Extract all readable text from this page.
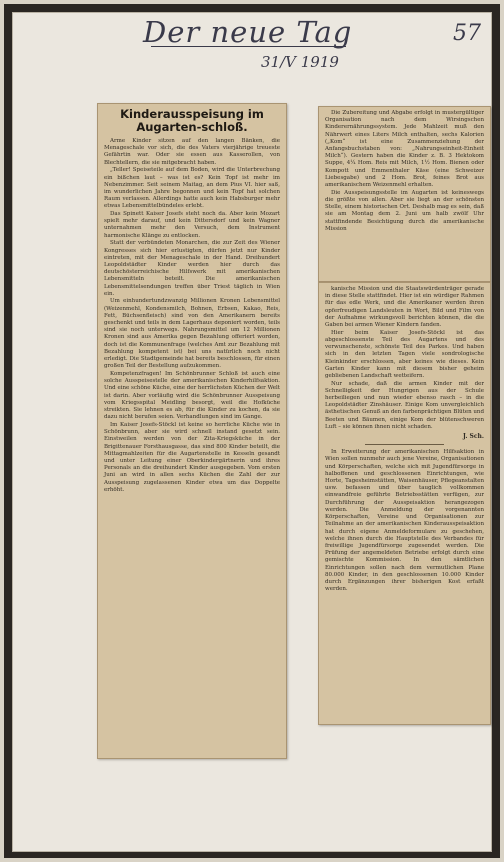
Der neue Tag
31/V 1919
57
Kinderausspeisung im Augarten-schloß.

Arme Kinder sitzen auf den langen Bänken, die Menageschale vor sich, die des Vaters vierjährige treueste Gefährtin war. Oder sie essen aus Kasserollen, von Blechtellern, die sie mitgebracht haben.

„Teller! Speiseteile auf dem Boden, wird die Unterbrechung ein bißchen laut – was ist es? Kein Topf ist mehr im Nebenzimmer. Seit seinem Maitag, an dem Pius VI. hier saß, im wunderlichen Jahre begonnen und kein Topf hat solchen Raum verlassen. Allerdings hatte auch kein Habsburger mehr etwas Lebensmittelbündeles erlebt.

Das Spinett Kaiser Josefs steht noch da. Aber kein Mozart spielt mehr darauf, und kein Dittersdorf und kein Wagner unternahmen mehr den Versuch, dem Instrument harmonische Klänge zu entlocken.

Statt der verbündeten Monarchen, die zur Zeit des Wiener Kongresses sich hier erlustigten, dürfen jetzt nur Kinder eintreten, mit der Menageschale in der Hand. Dreihundert Leopoldstädter Kinder werden hier durch das deutschösterreichische Hilfswerk mit amerikanischen Lebensmitteln beteilt. Die amerikanischen Lebensmittelsendungen treffen über Triest täglich in Wien ein.

Um einhundertundzwanzig Millionen Kronen Lebensmittel (Weizenmehl, Kondensmilch, Bohnen, Erbsen, Kakao, Reis, Fett, Büchsenfleisch) sind von den Amerikanern bereits geschenkt und teils in dem Lagerhaus deponiert worden, teils sind sie noch unterwegs. Nahrungsmittel um 12 Millionen Kronen sind aus Amerika gegen Bezahlung offeriert worden, doch ist die Kommunenfrage (welches Amt zur Bezahlung mit Bezahlung kompetent ist) bei uns natürlich noch nicht erledigt. Die Stadtgemeinde hat bereits beschlossen, für einen großen Teil der Bestellung aufzukommen.

Kompetenzfragen! Im Schönbrunner Schloß ist auch eine solche Ausspeisestelle der amerikanischen Kinderhilfsaktion. Und eine schöne Küche, eine der herrlichsten Küchen der Welt ist darin. Aber vorläufig wird die Schönbrunner Ausspeisung vom Kriegsspital Meidling besorgt, weil die Hofküche streikten. Sie lehnen es ab, für die Kinder zu kochen, da sie dazu nicht berufen seien. Verhandlungen sind im Gange.

Im Kaiser Josefs-Stöckl ist keine so herrliche Küche wie in Schönbrunn, aber sie wird schnell instand gesetzt sein. Einstweilen werden von der Zita-Kriegsküche in der Brigittenauer Forsthausgasse, das sind 800 Kinder beteilt, die Mittagmahlzeiten für die Augartenstelle in Kesseln gesandt und unter Leitung einer Oberkindergärtnerin und ihres Personals an die dreihundert Kinder ausgegeben. Vom ersten Juni an wird in allen sechs Küchen die Zahl der zur Ausspeisung zugelassenen Kinder etwa um das Doppelte erhöht.

Die Zubereitung und Abgabe erfolgt in mustergültiger Organisation nach dem Wirsingschen Kinderernährungssystem. Jede Mahlzeit muß den Nährwert eines Liters Milch enthalten, sechs Kalorien („Kom“ ist eine Zusammenziehung der Anfangsbuchstaben von: „Nahrungseinheit-Einheit Milch“). Gestern haben die Kinder z. B. 3 Hektokom Suppe, 4¼ Hom. Reis mit Milch, 1½ Hom. Bienen oder Kompott und Emmenthaler Käse (eine Schweizer Liebesgabe) und 2 Hom. Brot, feines Brot aus amerikanischem Weizenmehl erhalten.

Die Ausspeisungsstelle im Augarten ist keineswegs die größte von allen. Aber sie liegt an der schönsten Stelle, einem historischen Ort. Deshalb mag es sein, daß sie am Montag dem 2. Juni um halb zwölf Uhr stattfindende Besichtigung durch die amerikanische Mission

kanische Mission und die Staatswürdenträger gerade in diese Stelle stattfindet. Hier ist ein würdiger Rahmen für das edle Werk, und die Amerikaner werden ihren opferfreudigen Landsleuten in Wort, Bild und Film von der Aufnahme wirkungsvoll berichten können, die die Gaben bei armen Wiener Kindern fanden.

Hier beim Kaiser Josefs-Stöckl ist das abgeschlossenste Teil des Augartens und des verwunschenste, schönste Teil des Parkes. Und haben sich in den letzten Tagen viele sondrologische Kleinkinder erschlossen, aber keines wie dieses. Kein Garten Kinder kann mit diesem bisher geheim gebliebenen Landschaft wetteifern.

Nur schade, daß die armen Kinder mit der Schnelligkeit der Hungrigen aus der Schule herbeiliegen und nun wieder ebenso rasch – in die Leopoldstädter Zinshäuser. Einige Kom unvergleichlich ästhetischen Genuß an den farbenprächtigen Blüten und Beeten und Bäumen, einige Kom der blütenschweren Luft – sie können ihnen nicht schaden.

J. Sch.

In Erweiterung der amerikanischen Hilfsaktion in Wien sollen nunmehr auch jene Vereine, Organisationen und Körperschaften, welche sich mit Jugendfürsorge in halboffenen und geschlossenen Einrichtungen, wie Horte, Tagesheimstätten, Waisenhäuser, Pflegeanstalten usw. befassen und über tauglich vollkommen einwandfreie geführte Betriebsstätten verfügen, zur Durchführung der Ausspeisaktion herangezogen werden. Die Anmeldung der vorgenannten Körperschaften, Vereine und Organisationen zur Teilnahme an der amerikanischen Kinderausspeisaktion hat durch eigene Anmeldeformulare zu geschehen, welche ihnen durch die Hauptstelle des Verbandes für freiwillige Jugendfürsorge zugesendet werden. Die Prüfung der angemeldeten Betriebe erfolgt durch eine gemischte Kommission. In den sämtlichen Einrichtungen sollen nach dem vermutlichen Plane 80.000 Kinder, in den geschlossenen 10.000 Kinder durch Ergänzungen ihrer bisherigen Kost erfaßt werden.
